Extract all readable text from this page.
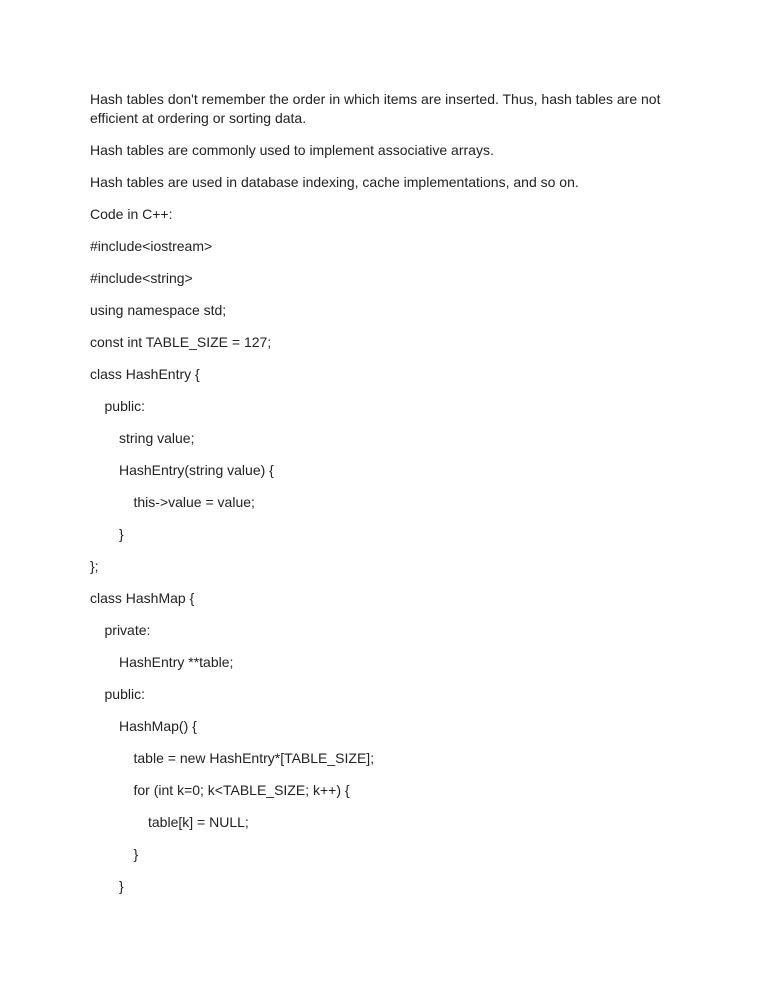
Hash tables don't remember the order in which items are inserted. Thus, hash tables are not efficient at ordering or sorting data.

Hash tables are commonly used to implement associative arrays.

Hash tables are used in database indexing, cache implementations, and so on.

Code in C++:

#include<iostream>

#include<string>

using namespace std;

const int TABLE_SIZE = 127;

class HashEntry {

public:

string value;

HashEntry(string value) {

this->value = value;

}

};

class HashMap {

private:

HashEntry **table;

public:

HashMap() {

table = new HashEntry*[TABLE_SIZE];

for (int k=0; k<TABLE_SIZE; k++) {

table[k] = NULL;

}

}
